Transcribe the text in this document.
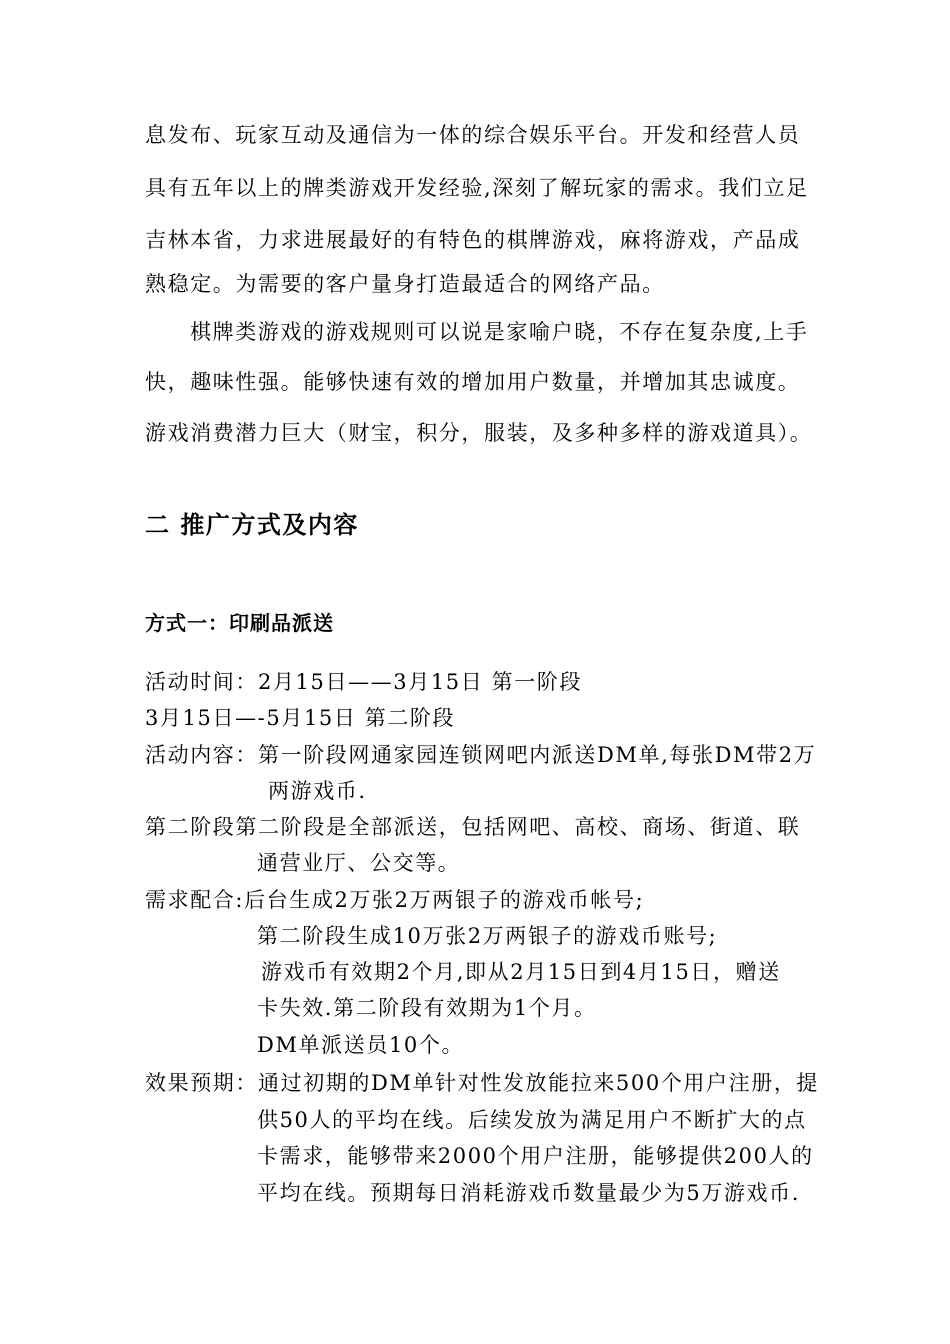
息发布、玩家互动及通信为一体的综合娱乐平台。开发和经营人员
具有五年以上的牌类游戏开发经验,深刻了解玩家的需求。我们立足
吉林本省，力求进展最好的有特色的棋牌游戏，麻将游戏，产品成
熟稳定。为需要的客户量身打造最适合的网络产品。
棋牌类游戏的游戏规则可以说是家喻户晓，不存在复杂度,上手
快，趣味性强。能够快速有效的增加用户数量，并增加其忠诚度。
游戏消费潜力巨大（财宝，积分，服装，及多种多样的游戏道具）。
二 推广方式及内容
方式一：印刷品派送
活动时间：2月15日——3月15日 第一阶段
3月15日—-5月15日 第二阶段
活动内容：第一阶段网通家园连锁网吧内派送DM单,每张DM带2万
两游戏币.
第二阶段第二阶段是全部派送，包括网吧、高校、商场、街道、联
通营业厅、公交等。
需求配合:后台生成2万张2万两银子的游戏币帐号;
第二阶段生成10万张2万两银子的游戏币账号;
游戏币有效期2个月,即从2月15日到4月15日，赠送
卡失效.第二阶段有效期为1个月。
DM单派送员10个。
效果预期：通过初期的DM单针对性发放能拉来500个用户注册，提
供50人的平均在线。后续发放为满足用户不断扩大的点
卡需求，能够带来2000个用户注册，能够提供200人的
平均在线。预期每日消耗游戏币数量最少为5万游戏币.
